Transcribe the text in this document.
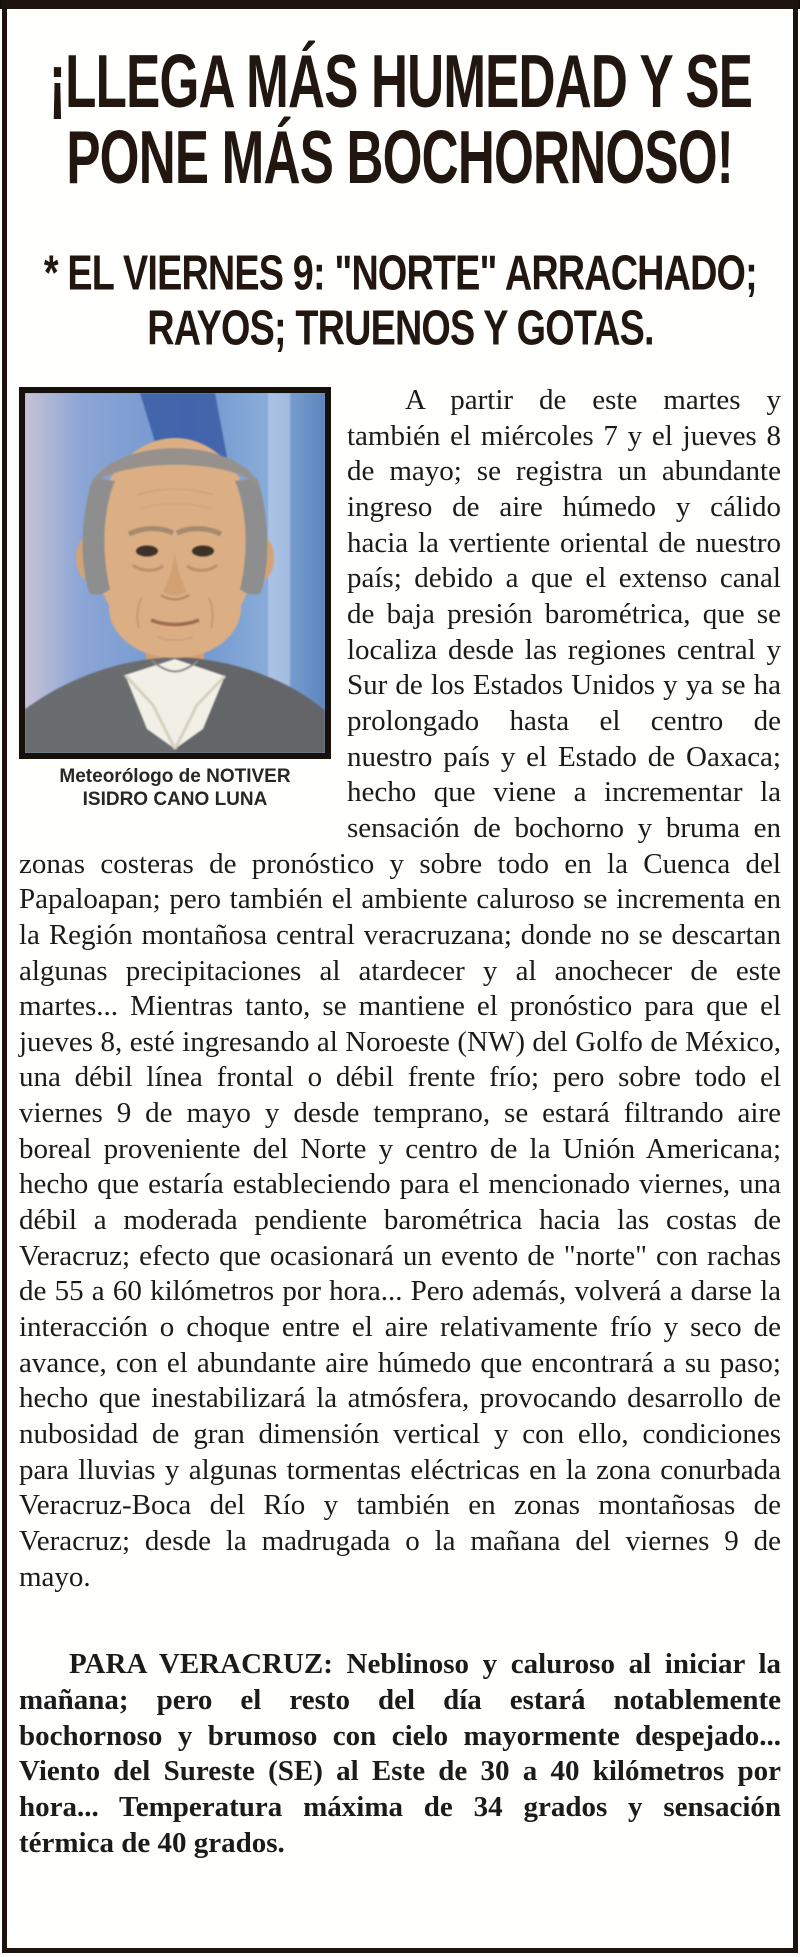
¡LLEGA MÁS HUMEDAD Y SE
PONE MÁS BOCHORNOSO!
* EL VIERNES 9: "NORTE" ARRACHADO;
RAYOS; TRUENOS Y GOTAS.
Meteorólogo de NOTIVER
ISIDRO CANO LUNA

A partir de este martes y también el miércoles 7 y el jueves 8 de mayo; se registra un abundante ingreso de aire húmedo y cálido hacia la vertiente oriental de nuestro país; debido a que el extenso canal de baja presión barométrica, que se localiza desde las regiones central y Sur de los Estados Unidos y ya se ha prolongado hasta el centro de nuestro país y el Estado de Oaxaca; hecho que viene a incrementar la sensación de bochorno y bruma en zonas costeras de pronóstico y sobre todo en la Cuenca del Papaloapan; pero también el ambiente caluroso se incrementa en la Región montañosa central veracruzana; donde no se descartan algunas precipitaciones al atardecer y al anochecer de este martes... Mientras tanto, se mantiene el pronóstico para que el jueves 8, esté ingresando al Noroeste (NW) del Golfo de México, una débil línea frontal o débil frente frío; pero sobre todo el viernes 9 de mayo y desde temprano, se estará filtrando aire boreal proveniente del Norte y centro de la Unión Americana; hecho que estaría estableciendo para el mencionado viernes, una débil a moderada pendiente barométrica hacia las costas de Veracruz; efecto que ocasionará un evento de "norte" con rachas de 55 a 60 kilómetros por hora... Pero además, volverá a darse la interacción o choque entre el aire relativamente frío y seco de avance, con el abundante aire húmedo que encontrará a su paso; hecho que inestabilizará la atmósfera, provocando desarrollo de nubosidad de gran dimensión vertical y con ello, condiciones para lluvias y algunas tormentas eléctricas en la zona conurbada Veracruz-Boca del Río y también en zonas montañosas de Veracruz; desde la madrugada o la mañana del viernes 9 de mayo.

PARA VERACRUZ: Neblinoso y caluroso al iniciar la mañana; pero el resto del día estará notablemente bochornoso y brumoso con cielo mayormente despejado... Viento del Sureste (SE) al Este de 30 a 40 kilómetros por hora... Temperatura máxima de 34 grados y sensación térmica de 40 grados.
